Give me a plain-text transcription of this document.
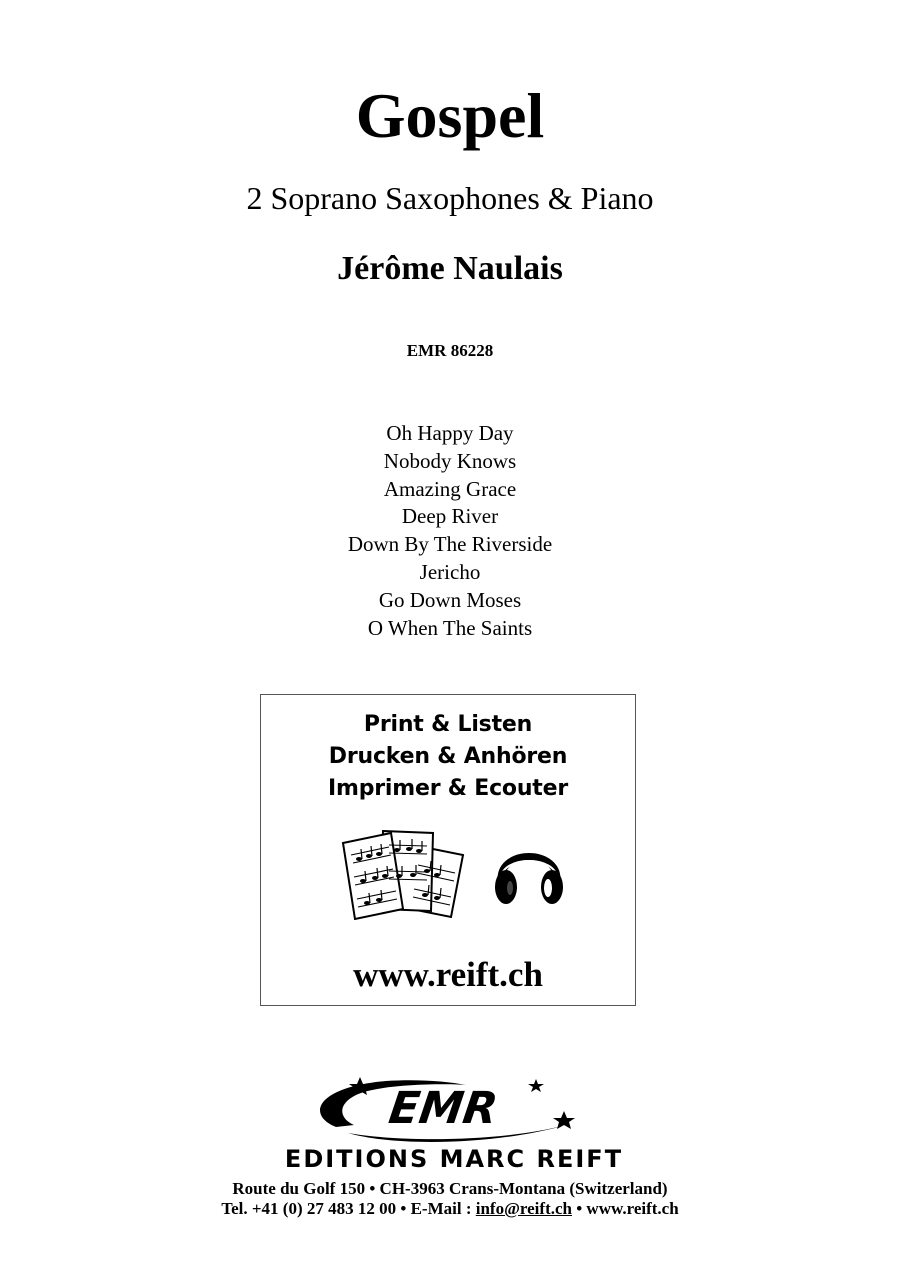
Gospel
2 Soprano Saxophones & Piano
Jérôme Naulais
EMR 86228
Oh Happy Day
Nobody Knows
Amazing Grace
Deep River
Down By The Riverside
Jericho
Go Down Moses
O When The Saints
Print & Listen
Drucken & Anhören
Imprimer & Ecouter
www.reift.ch
EMR
EDITIONS MARC REIFT
Route du Golf 150 • CH-3963 Crans-Montana (Switzerland)
Tel. +41 (0) 27 483 12 00 • E-Mail : info@reift.ch • www.reift.ch
